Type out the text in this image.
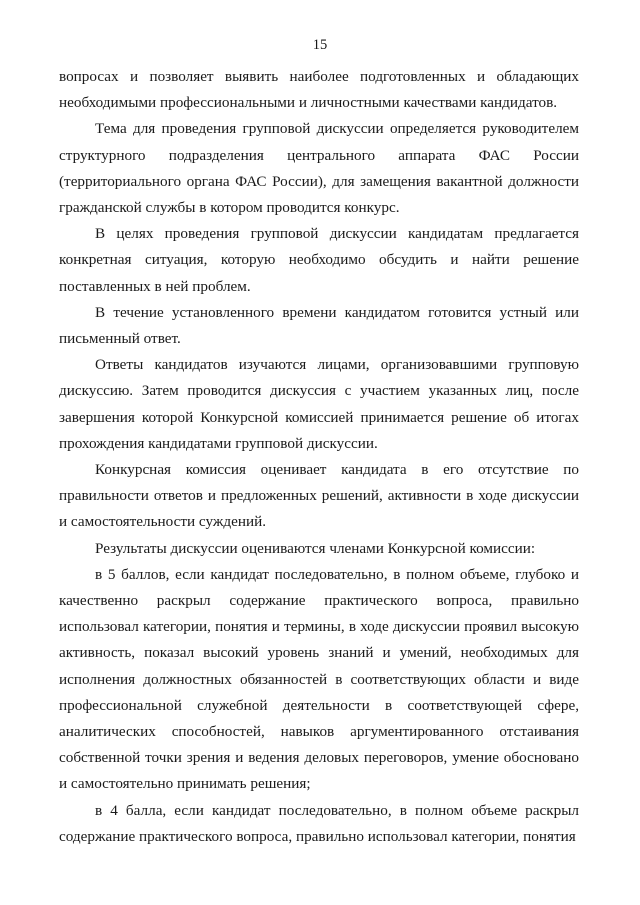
15

вопросах и позволяет выявить наиболее подготовленных и обладающих необходимыми профессиональными и личностными качествами кандидатов.

Тема для проведения групповой дискуссии определяется руководителем структурного подразделения центрального аппарата ФАС России (территориального органа ФАС России), для замещения вакантной должности гражданской службы в котором проводится конкурс.

В целях проведения групповой дискуссии кандидатам предлагается конкретная ситуация, которую необходимо обсудить и найти решение поставленных в ней проблем.

В течение установленного времени кандидатом готовится устный или письменный ответ.

Ответы кандидатов изучаются лицами, организовавшими групповую дискуссию. Затем проводится дискуссия с участием указанных лиц, после завершения которой Конкурсной комиссией принимается решение об итогах прохождения кандидатами групповой дискуссии.

Конкурсная комиссия оценивает кандидата в его отсутствие по правильности ответов и предложенных решений, активности в ходе дискуссии и самостоятельности суждений.

Результаты дискуссии оцениваются членами Конкурсной комиссии:

в 5 баллов, если кандидат последовательно, в полном объеме, глубоко и качественно раскрыл содержание практического вопроса, правильно использовал категории, понятия и термины, в ходе дискуссии проявил высокую активность, показал высокий уровень знаний и умений, необходимых для исполнения должностных обязанностей в соответствующих области и виде профессиональной служебной деятельности в соответствующей сфере, аналитических способностей, навыков аргументированного отстаивания собственной точки зрения и ведения деловых переговоров, умение обосновано и самостоятельно принимать решения;

в 4 балла, если кандидат последовательно, в полном объеме раскрыл содержание практического вопроса, правильно использовал категории, понятия
